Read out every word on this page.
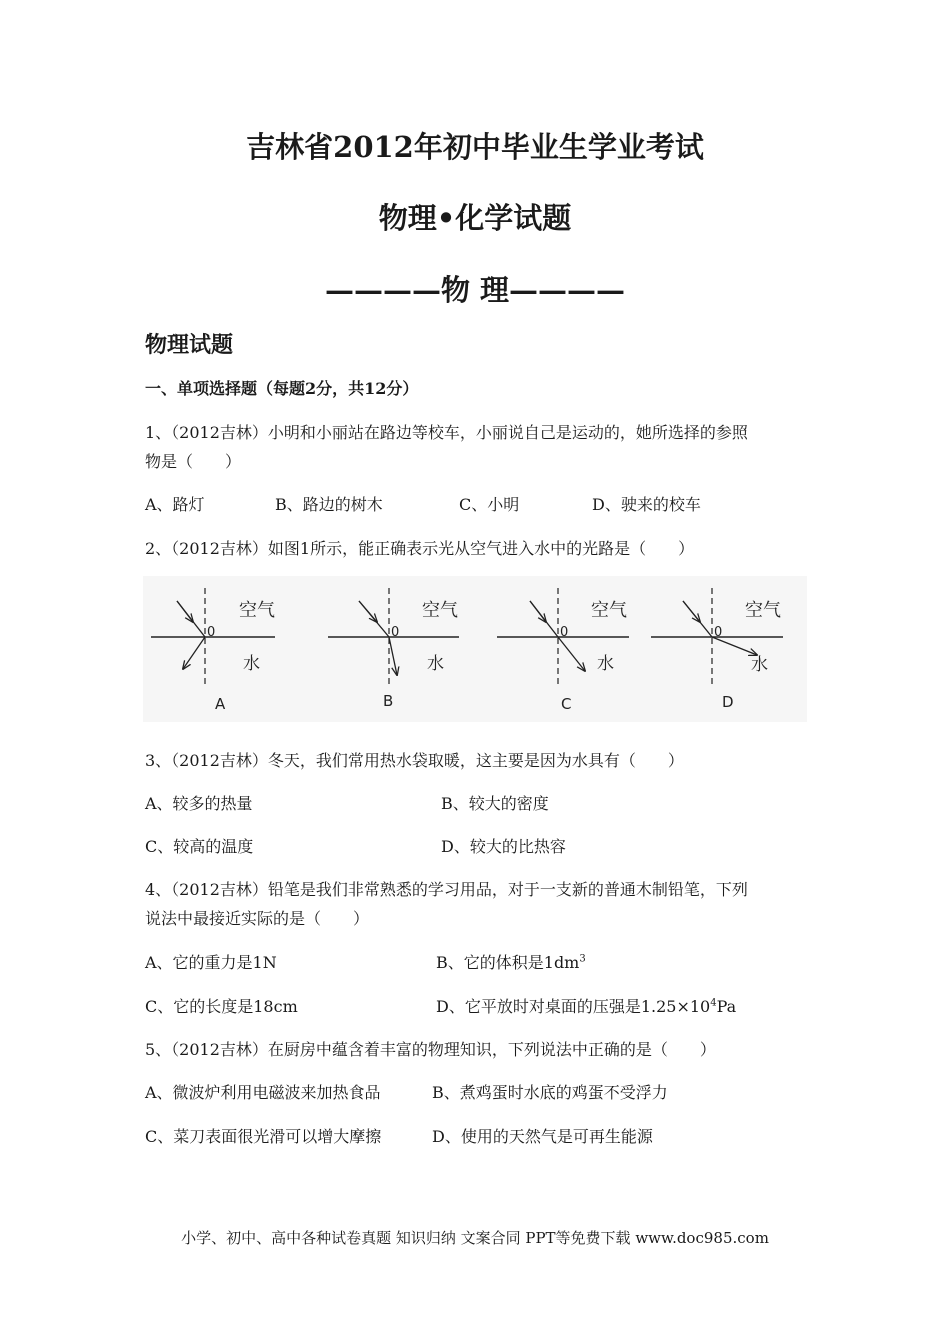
吉林省2012年初中毕业生学业考试
物理•化学试题
————物 理————
物理试题
一、单项选择题（每题2分，共12分）
1、（2012吉林）小明和小丽站在路边等校车，小丽说自己是运动的，她所选择的参照
物是（　　）
A、路灯	B、路边的树木	C、小明	D、驶来的校车
2、（2012吉林）如图1所示，能正确表示光从空气进入水中的光路是（　　）
空气
水
0
A
空气
水
0
B
空气
水
0
C
空气
水
0
D
3、（2012吉林）冬天，我们常用热水袋取暖，这主要是因为水具有（　　）
A、较多的热量	B、较大的密度
C、较高的温度	D、较大的比热容
4、（2012吉林）铅笔是我们非常熟悉的学习用品，对于一支新的普通木制铅笔，下列
说法中最接近实际的是（　　）
A、它的重力是1N	B、它的体积是$1dm^3$
C、它的长度是18cm	D、它平放时对桌面的压强是$1.25\times 10^4Pa$
5、（2012吉林）在厨房中蕴含着丰富的物理知识，下列说法中正确的是（　　）
A、微波炉利用电磁波来加热食品	B、煮鸡蛋时水底的鸡蛋不受浮力
C、菜刀表面很光滑可以增大摩擦	D、使用的天然气是可再生能源
小学、初中、高中各种试卷真题 知识归纳 文案合同 PPT等免费下载 www.doc985.com
